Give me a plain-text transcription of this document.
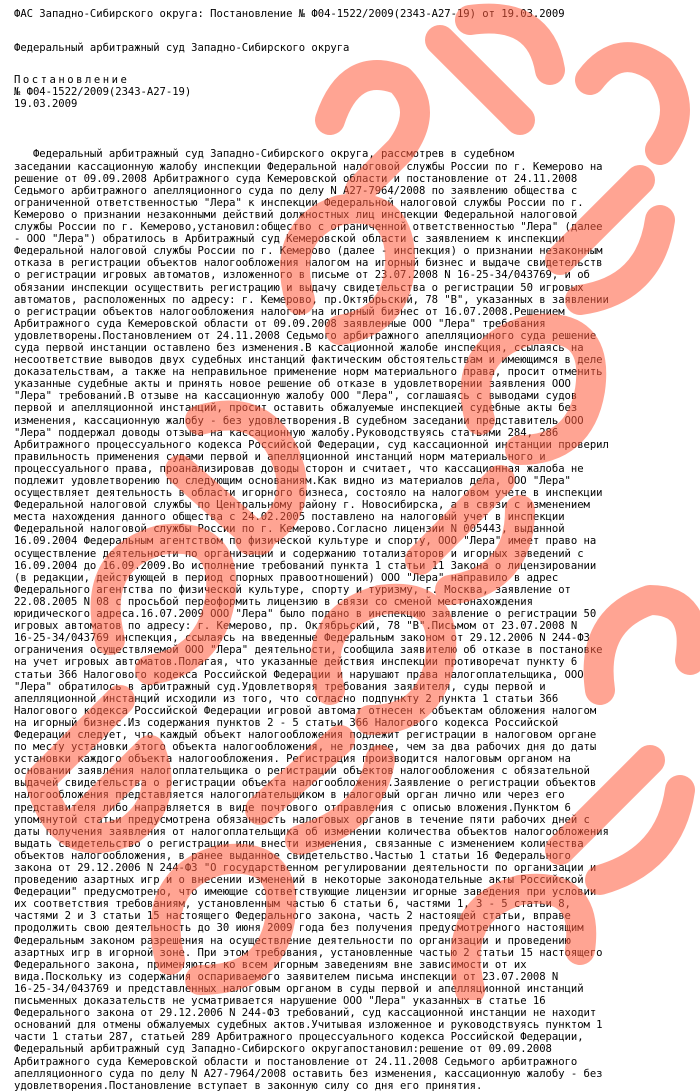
ФАС Западно-Сибирского округа: Постановление № Ф04-1522/2009(2343-А27-19) от 19.03.2009
Федеральный арбитражный суд Западно-Сибирского округа
Постановление
№ Ф04-1522/2009(2343-А27-19)
19.03.2009
Федеральный арбитражный суд Западно-Сибирского округа, рассмотрев в судебном
заседании кассационную жалобу инспекции Федеральной налоговой службы России по г. Кемерово на
решение от 09.09.2008 Арбитражного суда Кемеровской области и постановление от 24.11.2008
Седьмого арбитражного апелляционного суда по делу N А27-7964/2008 по заявлению общества с
ограниченной ответственностью "Лера" к инспекции Федеральной налоговой службы России по г.
Кемерово о признании незаконными действий должностных лиц инспекции Федеральной налоговой
службы России по г. Кемерово,установил:общество с ограниченной ответственностью "Лера" (далее
- ООО "Лера") обратилось в Арбитражный суд Кемеровской области с заявлением к инспекции
Федеральной налоговой службы России по г. Кемерово (далее - инспекция) о признании незаконным
отказа в регистрации объектов налогообложения налогом на игорный бизнес и выдаче свидетельств
о регистрации игровых автоматов, изложенного в письме от 23.07.2008 N 16-25-34/043769, и об
обязании инспекции осуществить регистрацию и выдачу свидетельства о регистрации 50 игровых
автоматов, расположенных по адресу: г. Кемерово, пр.Октябрьский, 78 "В", указанных в заявлении
о регистрации объектов налогообложения налогом на игорный бизнес от 16.07.2008.Решением
Арбитражного суда Кемеровской области от 09.09.2008 заявленные ООО "Лера" требования
удовлетворены.Постановлением от 24.11.2008 Седьмого арбитражного апелляционного суда решение
суда первой инстанции оставлено без изменения.В кассационной жалобе инспекция, ссылаясь на
несоответствие выводов двух судебных инстанций фактическим обстоятельствам и имеющимся в деле
доказательствам, а также на неправильное применение норм материального права, просит отменить
указанные судебные акты и принять новое решение об отказе в удовлетворении заявления ООО
"Лера" требований.В отзыве на кассационную жалобу ООО "Лера", соглашаясь с выводами судов
первой и апелляционной инстанций, просит оставить обжалуемые инспекцией судебные акты без
изменения, кассационную жалобу - без удовлетворения.В судебном заседании представитель ООО
"Лера" поддержал доводы отзыва на кассационную жалобу.Руководствуясь статьями 284, 286
Арбитражного процессуального кодекса Российской Федерации, суд кассационной инстанции проверил
правильность применения судами первой и апелляционной инстанций норм материального и
процессуального права, проанализировав доводы сторон и считает, что кассационная жалоба не
подлежит удовлетворению по следующим основаниям.Как видно из материалов дела, ООО "Лера"
осуществляет деятельность в области игорного бизнеса, состояло на налоговом учете в инспекции
Федеральной налоговой службы по Центральному району г. Новосибирска, а в связи с изменением
места нахождения данного общества с 24.02.2005 поставлено на налоговый учет в инспекции
Федеральной налоговой службы России по г. Кемерово.Согласно лицензии N 005443, выданной
16.09.2004 Федеральным агентством по физической культуре и спорту, ООО "Лера" имеет право на
осуществление деятельности по организации и содержанию тотализаторов и игорных заведений с
16.09.2004 до 16.09.2009.Во исполнение требований пункта 1 статьи 11 Закона о лицензировании
(в редакции, действующей в период спорных правоотношений) ООО "Лера" направило в адрес
Федерального агентства по физической культуре, спорту и туризму, г. Москва, заявление от
22.08.2005 N 08 с просьбой переоформить лицензию в связи со сменой местонахождения
юридического адреса.16.07.2009 ООО "Лера" было подано в инспекцию заявление о регистрации 50
игровых автоматов по адресу: г. Кемерово, пр. Октябрьский, 78 "В".Письмом от 23.07.2008 N
16-25-34/043769 инспекция, ссылаясь на введенные Федеральным законом от 29.12.2006 N 244-ФЗ
ограничения осуществляемой ООО "Лера" деятельности, сообщила заявителю об отказе в постановке
на учет игровых автоматов.Полагая, что указанные действия инспекции противоречат пункту 6
статьи 366 Налогового кодекса Российской Федерации и нарушают права налогоплательщика, ООО
"Лера" обратилось в арбитражный суд.Удовлетворяя требования заявителя, суды первой и
апелляционной инстанций исходили из того, что согласно подпункту 2 пункта 1 статьи 366
Налогового кодекса Российской Федерации игровой автомат отнесен к объектам обложения налогом
на игорный бизнес.Из содержания пунктов 2 - 5 статьи 366 Налогового кодекса Российской
Федерации следует, что каждый объект налогообложения подлежит регистрации в налоговом органе
по месту установки этого объекта налогообложения, не позднее, чем за два рабочих дня до даты
установки каждого объекта налогообложения. Регистрация производится налоговым органом на
основании заявления налогоплательщика о регистрации объектов налогообложения с обязательной
выдачей свидетельства о регистрации объекта налогообложения.Заявление о регистрации объектов
налогообложения представляется налогоплательщиком в налоговый орган лично или через его
представителя либо направляется в виде почтового отправления с описью вложения.Пунктом 6
упомянутой статьи предусмотрена обязанность налоговых органов в течение пяти рабочих дней с
даты получения заявления от налогоплательщика об изменении количества объектов налогообложения
выдать свидетельство о регистрации или внести изменения, связанные с изменением количества
объектов налогообложения, в ранее выданное свидетельство.Частью 1 статьи 16 Федерального
закона от 29.12.2006 N 244-ФЗ "О государственном регулировании деятельности по организации и
проведению азартных игр и о внесении изменений в некоторые законодательные акты Российской
Федерации" предусмотрено, что имеющие соответствующие лицензии игорные заведения при условии
их соответствия требованиям, установленным частью 6 статьи 6, частями 1, 3 - 5 статьи 8,
частями 2 и 3 статьи 15 настоящего Федерального закона, часть 2 настоящей статьи, вправе
продолжить свою деятельность до 30 июня 2009 года без получения предусмотренного настоящим
Федеральным законом разрешения на осуществление деятельности по организации и проведению
азартных игр в игорной зоне. При этом требования, установленные частью 2 статьи 15 настоящего
Федерального закона, применяются ко всем игорным заведениям вне зависимости от их
вида.Поскольку из содержания оспариваемого заявителем письма инспекции от 23.07.2008 N
16-25-34/043769 и представленных налоговым органом в суды первой и апелляционной инстанций
письменных доказательств не усматривается нарушение ООО "Лера" указанных в статье 16
Федерального закона от 29.12.2006 N 244-ФЗ требований, суд кассационной инстанции не находит
оснований для отмены обжалуемых судебных актов.Учитывая изложенное и руководствуясь пунктом 1
части 1 статьи 287, статьей 289 Арбитражного процессуального кодекса Российской Федерации,
Федеральный арбитражный суд Западно-Сибирского округапостановил:решение от 09.09.2008
Арбитражного суда Кемеровской области и постановление от 24.11.2008 Седьмого арбитражного
апелляционного суда по делу N А27-7964/2008 оставить без изменения, кассационную жалобу - без
удовлетворения.Постановление вступает в законную силу со дня его принятия.
